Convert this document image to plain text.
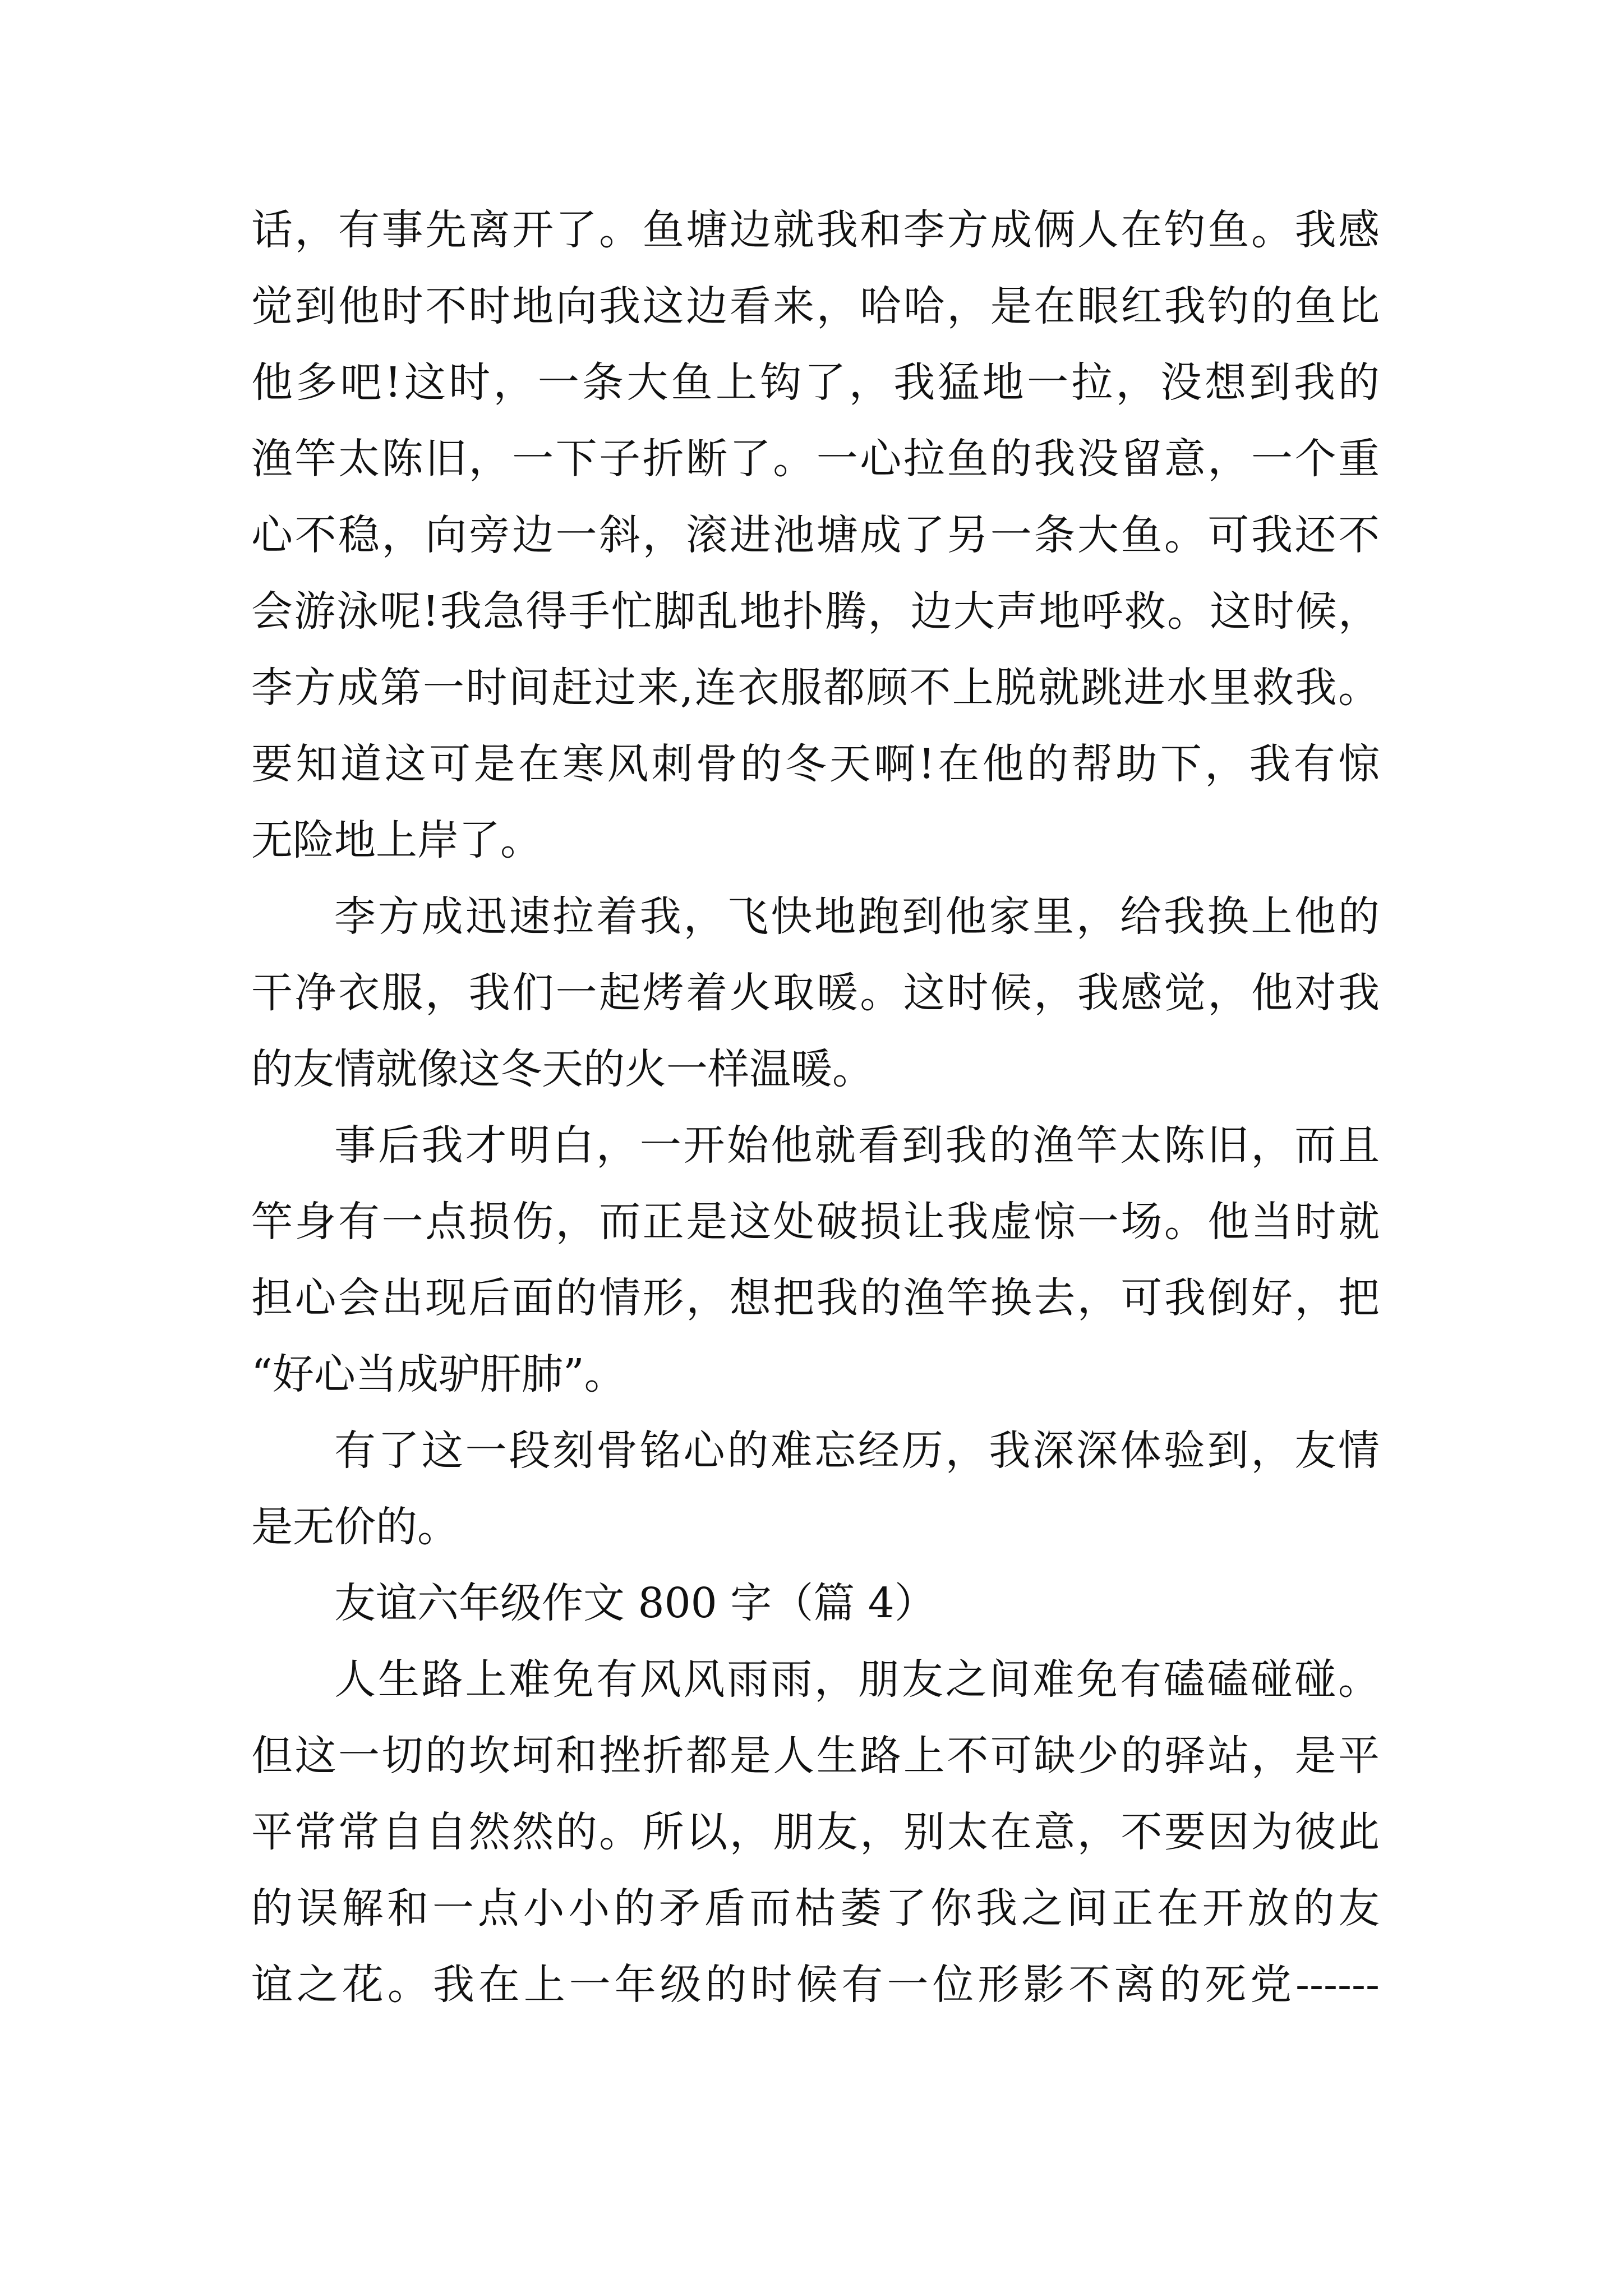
话，有事先离开了。鱼塘边就我和李方成俩人在钓鱼。我感
觉到他时不时地向我这边看来，哈哈，是在眼红我钓的鱼比
他多吧!这时，一条大鱼上钩了，我猛地一拉，没想到我的
渔竿太陈旧，一下子折断了。一心拉鱼的我没留意，一个重
心不稳，向旁边一斜，滚进池塘成了另一条大鱼。可我还不
会游泳呢!我急得手忙脚乱地扑腾，边大声地呼救。这时候，
李方成第一时间赶过来,连衣服都顾不上脱就跳进水里救我。
要知道这可是在寒风刺骨的冬天啊!在他的帮助下，我有惊
无险地上岸了。
李方成迅速拉着我，飞快地跑到他家里，给我换上他的
干净衣服，我们一起烤着火取暖。这时候，我感觉，他对我
的友情就像这冬天的火一样温暖。
事后我才明白，一开始他就看到我的渔竿太陈旧，而且
竿身有一点损伤，而正是这处破损让我虚惊一场。他当时就
担心会出现后面的情形，想把我的渔竿换去，可我倒好，把
“好心当成驴肝肺”。
有了这一段刻骨铭心的难忘经历，我深深体验到，友情
是无价的。
友谊六年级作文 800 字（篇 4）
人生路上难免有风风雨雨，朋友之间难免有磕磕碰碰。
但这一切的坎坷和挫折都是人生路上不可缺少的驿站，是平
平常常自自然然的。所以，朋友，别太在意，不要因为彼此
的误解和一点小小的矛盾而枯萎了你我之间正在开放的友
谊之花。我在上一年级的时候有一位形影不离的死党------
